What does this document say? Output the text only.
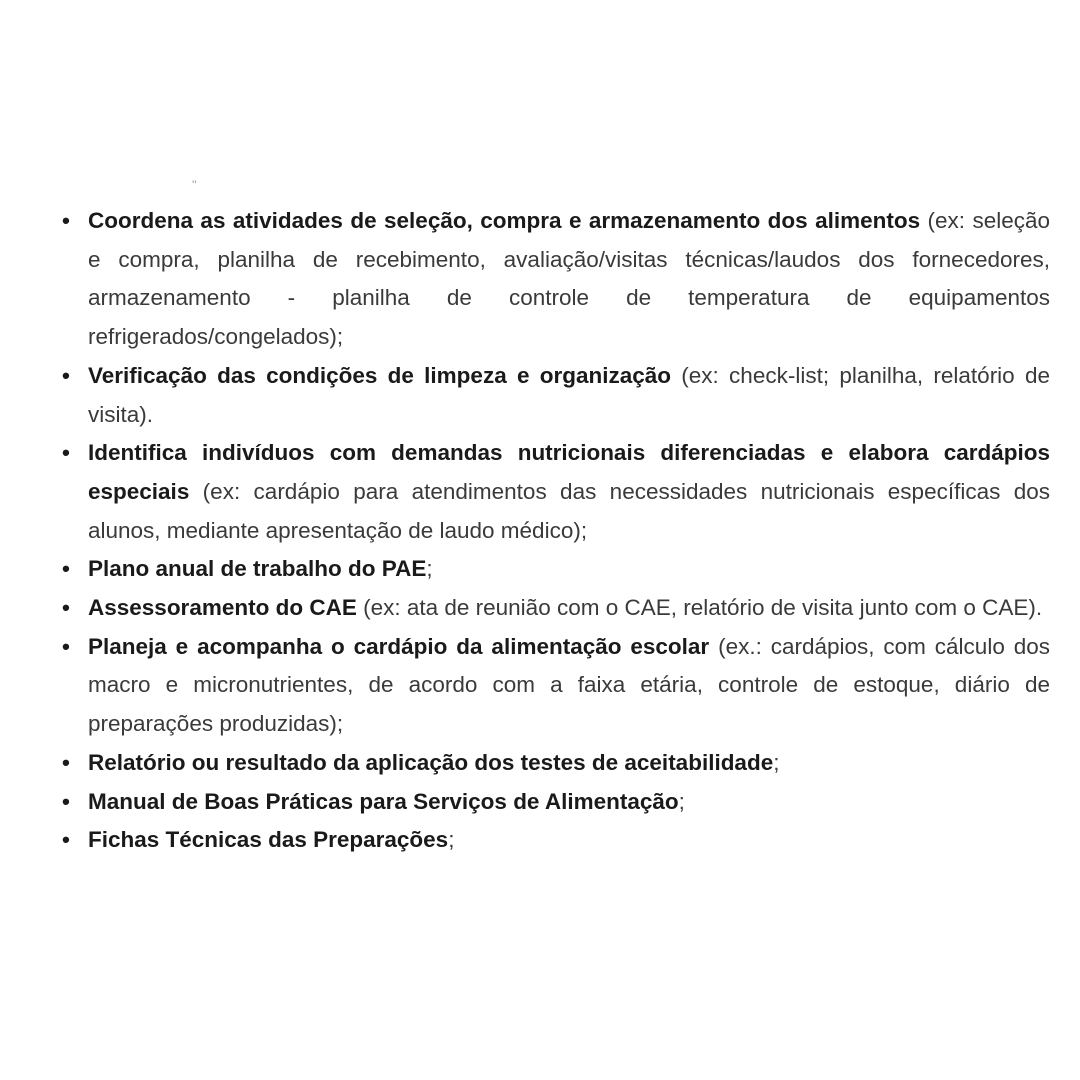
''
• Coordena as atividades de seleção, compra e armazenamento dos alimentos (ex: seleção e compra, planilha de recebimento, avaliação/visitas técnicas/laudos dos fornecedores, armazenamento - planilha de controle de temperatura de equipamentos refrigerados/congelados);
• Verificação das condições de limpeza e organização (ex: check-list; planilha, relatório de visita).
• Identifica indivíduos com demandas nutricionais diferenciadas e elabora cardápios especiais (ex: cardápio para atendimentos das necessidades nutricionais específicas dos alunos, mediante apresentação de laudo médico);
• Plano anual de trabalho do PAE;
• Assessoramento do CAE (ex: ata de reunião com o CAE, relatório de visita junto com o CAE).
• Planeja e acompanha o cardápio da alimentação escolar (ex.: cardápios, com cálculo dos macro e micronutrientes, de acordo com a faixa etária, controle de estoque, diário de preparações produzidas);
• Relatório ou resultado da aplicação dos testes de aceitabilidade;
• Manual de Boas Práticas para Serviços de Alimentação;
• Fichas Técnicas das Preparações;
